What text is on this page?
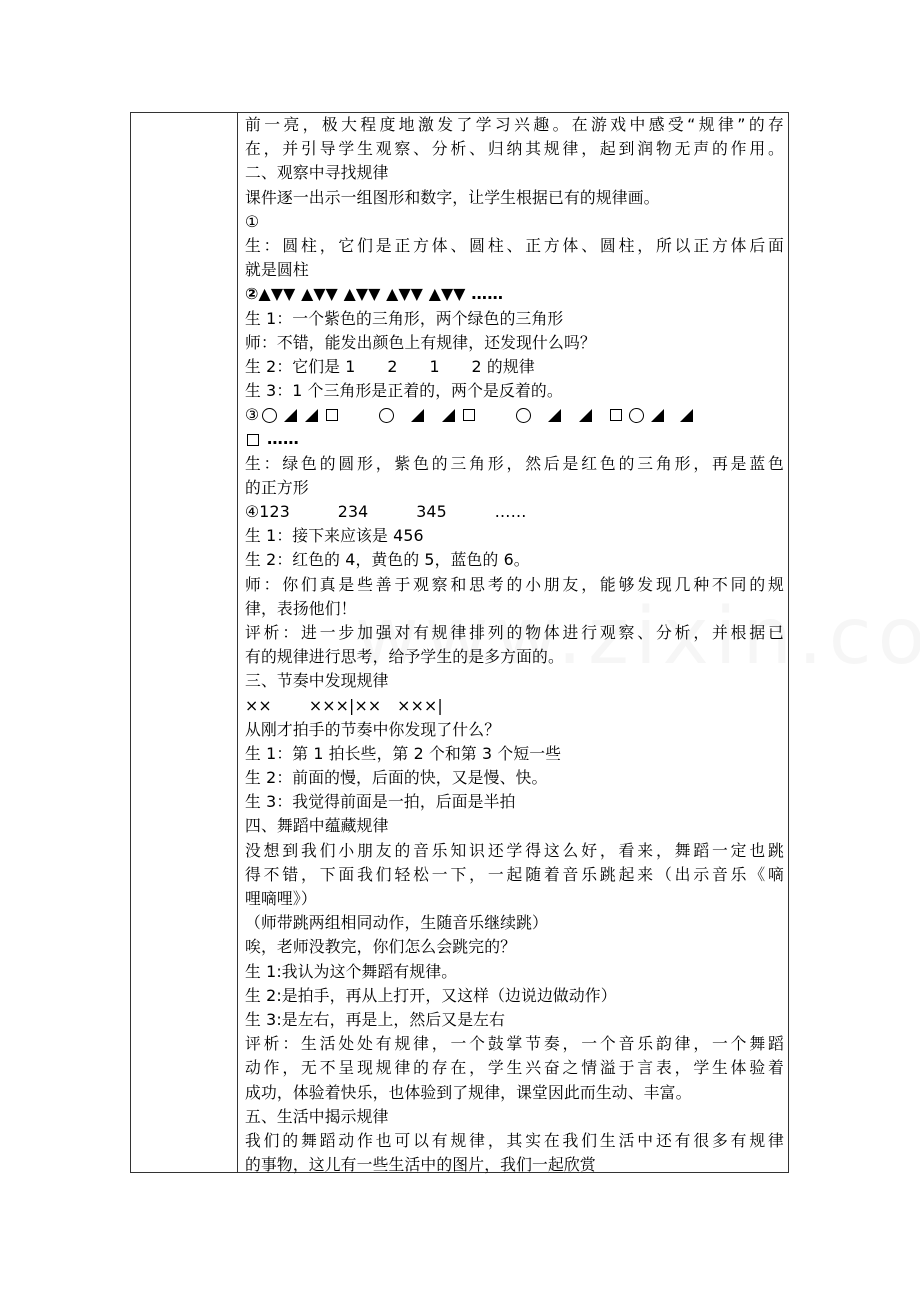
前一亮，极大程度地激发了学习兴趣。在游戏中感受“规律”的存
在，并引导学生观察、分析、归纳其规律，起到润物无声的作用。
二、观察中寻找规律
课件逐一出示一组图形和数字，让学生根据已有的规律画。
①
生：圆柱，它们是正方体、圆柱、正方体、圆柱，所以正方体后面
就是圆柱
②▲▼▼ ▲▼▼ ▲▼▼ ▲▼▼ ▲▼▼ ……
生 1：一个紫色的三角形，两个绿色的三角形
师：不错，能发出颜色上有规律，还发现什么吗？
生 2：它们是 1　　2　　1　　2 的规律
生 3：1 个三角形是正着的，两个是反着的。
③
……
生：绿色的圆形，紫色的三角形，然后是红色的三角形，再是蓝色
的正方形
④123　　　234　　　345　　　……
生 1：接下来应该是 456
生 2：红色的 4，黄色的 5，蓝色的 6。
师：你们真是些善于观察和思考的小朋友，能够发现几种不同的规
律，表扬他们！
评析：进一步加强对有规律排列的物体进行观察、分析，并根据已
有的规律进行思考，给予学生的是多方面的。
三、节奏中发现规律
××　　 ×××|××　×××|
从刚才拍手的节奏中你发现了什么？
生 1：第 1 拍长些，第 2 个和第 3 个短一些
生 2：前面的慢，后面的快，又是慢、快。
生 3：我觉得前面是一拍，后面是半拍
四、舞蹈中蕴藏规律
没想到我们小朋友的音乐知识还学得这么好，看来，舞蹈一定也跳
得不错，下面我们轻松一下，一起随着音乐跳起来（出示音乐《嘀
哩嘀哩》）
（师带跳两组相同动作，生随音乐继续跳）
唉，老师没教完，你们怎么会跳完的？
生 1:我认为这个舞蹈有规律。
生 2:是拍手，再从上打开，又这样（边说边做动作）
生 3:是左右，再是上，然后又是左右
评析：生活处处有规律，一个鼓掌节奏，一个音乐韵律，一个舞蹈
动作，无不呈现规律的存在，学生兴奋之情溢于言表，学生体验着
成功，体验着快乐，也体验到了规律，课堂因此而生动、丰富。
五、生活中揭示规律
我们的舞蹈动作也可以有规律，其实在我们生活中还有很多有规律
的事物，这儿有一些生活中的图片，我们一起欣赏
